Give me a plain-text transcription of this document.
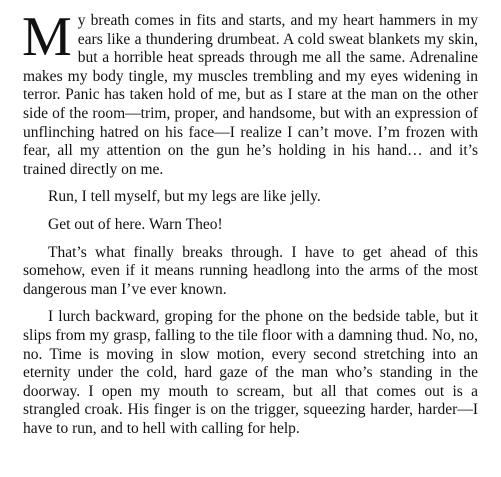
My breath comes in fits and starts, and my heart hammers in my ears like a thundering drumbeat. A cold sweat blankets my skin, but a horrible heat spreads through me all the same. Adrenaline makes my body tingle, my muscles trembling and my eyes widening in terror. Panic has taken hold of me, but as I stare at the man on the other side of the room—trim, proper, and handsome, but with an expression of unflinching hatred on his face—I realize I can’t move. I’m frozen with fear, all my attention on the gun he’s holding in his hand… and it’s trained directly on me.

Run, I tell myself, but my legs are like jelly.

Get out of here. Warn Theo!

That’s what finally breaks through. I have to get ahead of this somehow, even if it means running headlong into the arms of the most dangerous man I’ve ever known.

I lurch backward, groping for the phone on the bedside table, but it slips from my grasp, falling to the tile floor with a damning thud. No, no, no. Time is moving in slow motion, every second stretching into an eternity under the cold, hard gaze of the man who’s standing in the doorway. I open my mouth to scream, but all that comes out is a strangled croak. His finger is on the trigger, squeezing harder, harder—I have to run, and to hell with calling for help.
